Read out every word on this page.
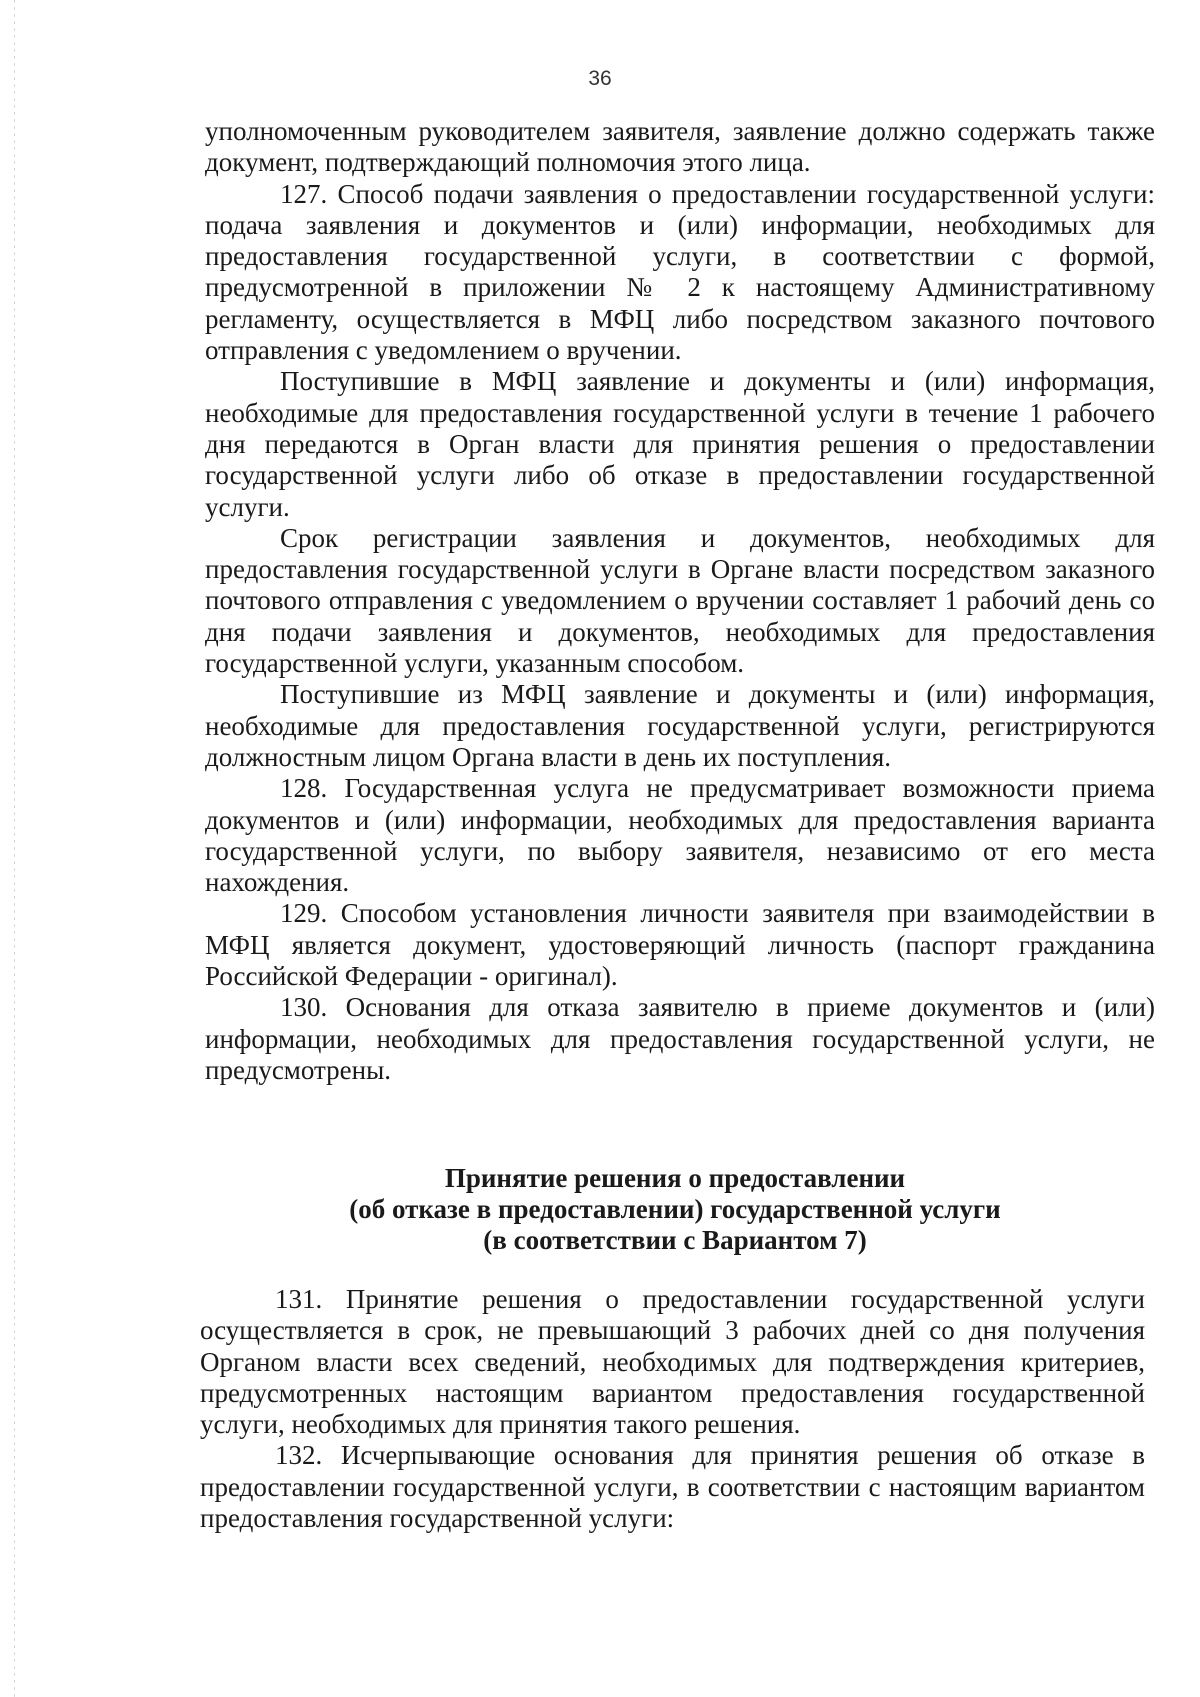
36

уполномоченным руководителем заявителя, заявление должно содержать также документ, подтверждающий полномочия этого лица.

127. Способ подачи заявления о предоставлении государственной услуги: подача заявления и документов и (или) информации, необходимых для предоставления государственной услуги, в соответствии с формой, предусмотренной в приложении № 2 к настоящему Административному регламенту, осуществляется в МФЦ либо посредством заказного почтового отправления с уведомлением о вручении.

Поступившие в МФЦ заявление и документы и (или) информация, необходимые для предоставления государственной услуги в течение 1 рабочего дня передаются в Орган власти для принятия решения о предоставлении государственной услуги либо об отказе в предоставлении государственной услуги.

Срок регистрации заявления и документов, необходимых для предоставления государственной услуги в Органе власти посредством заказного почтового отправления с уведомлением о вручении составляет 1 рабочий день со дня подачи заявления и документов, необходимых для предоставления государственной услуги, указанным способом.

Поступившие из МФЦ заявление и документы и (или) информация, необходимые для предоставления государственной услуги, регистрируются должностным лицом Органа власти в день их поступления.

128. Государственная услуга не предусматривает возможности приема документов и (или) информации, необходимых для предоставления варианта государственной услуги, по выбору заявителя, независимо от его места нахождения.

129. Способом установления личности заявителя при взаимодействии в МФЦ является документ, удостоверяющий личность (паспорт гражданина Российской Федерации - оригинал).

130. Основания для отказа заявителю в приеме документов и (или) информации, необходимых для предоставления государственной услуги, не предусмотрены.

Принятие решения о предоставлении
(об отказе в предоставлении) государственной услуги
(в соответствии с Вариантом 7)

131. Принятие решения о предоставлении государственной услуги осуществляется в срок, не превышающий 3 рабочих дней со дня получения Органом власти всех сведений, необходимых для подтверждения критериев, предусмотренных настоящим вариантом предоставления государственной услуги, необходимых для принятия такого решения.

132. Исчерпывающие основания для принятия решения об отказе в предоставлении государственной услуги, в соответствии с настоящим вариантом предоставления государственной услуги:
